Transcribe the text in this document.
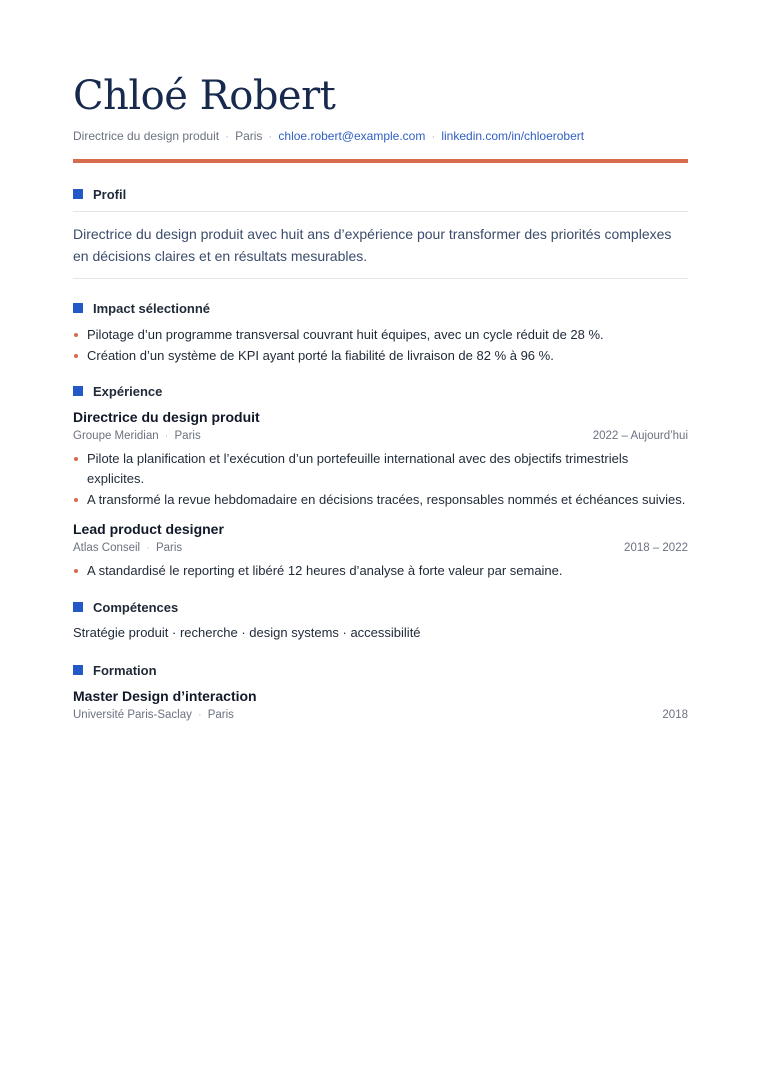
Chloé Robert
Directrice du design produit · Paris · chloe.robert@example.com · linkedin.com/in/chloerobert
Profil

Directrice du design produit avec huit ans d’expérience pour transformer des priorités complexes en décisions claires et en résultats mesurables.

Impact sélectionné
Pilotage d’un programme transversal couvrant huit équipes, avec un cycle réduit de 28 %.
Création d’un système de KPI ayant porté la fiabilité de livraison de 82 % à 96 %.
Expérience
Directrice du design produit
Groupe Meridian · Paris	2022 – Aujourd’hui
Pilote la planification et l’exécution d’un portefeuille international avec des objectifs trimestriels explicites.
A transformé la revue hebdomadaire en décisions tracées, responsables nommés et échéances suivies.
Lead product designer
Atlas Conseil · Paris	2018 – 2022
A standardisé le reporting et libéré 12 heures d’analyse à forte valeur par semaine.
Compétences
Stratégie produit · recherche · design systems · accessibilité
Formation
Master Design d’interaction
Université Paris-Saclay · Paris	2018
